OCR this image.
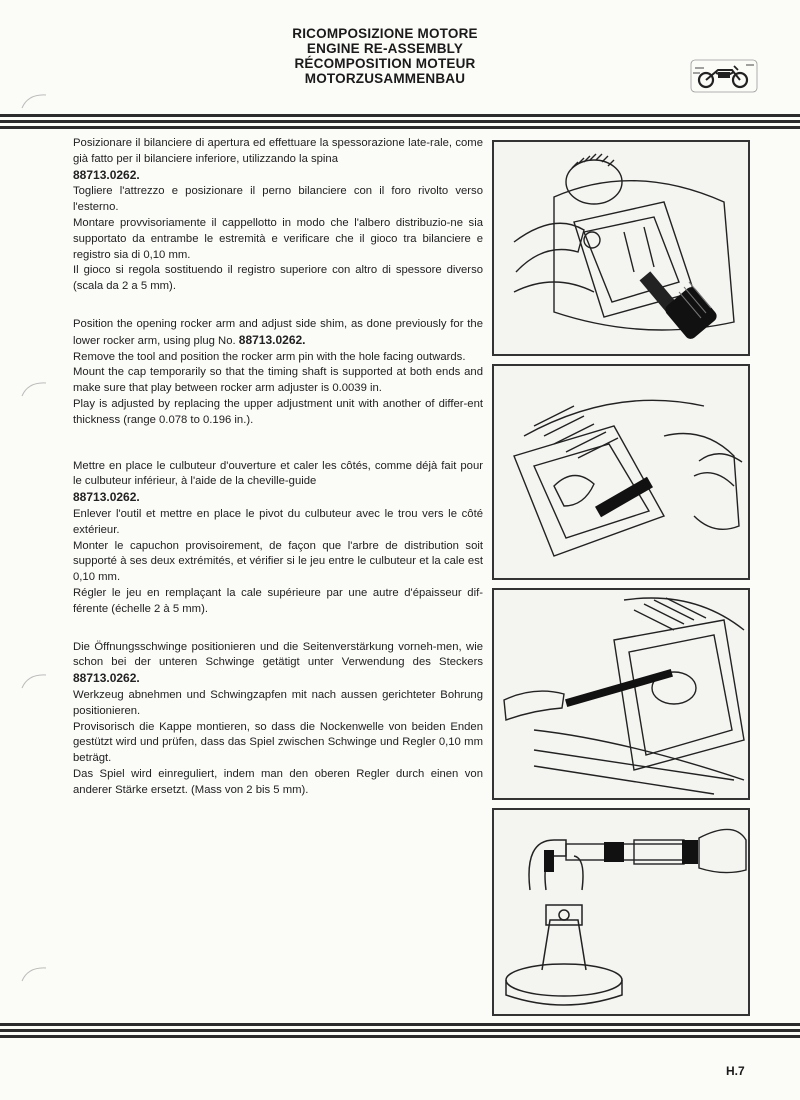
RICOMPOSIZIONE MOTORE
ENGINE RE-ASSEMBLY
RÉCOMPOSITION MOTEUR
MOTORZUSAMMENBAU

Posizionare il bilanciere di apertura ed effettuare la spessorazione late-rale, come già fatto per il bilanciere inferiore, utilizzando la spina
88713.0262.

Togliere l'attrezzo e posizionare il perno bilanciere con il foro rivolto verso l'esterno.

Montare provvisoriamente il cappellotto in modo che l'albero distribuzio-ne sia supportato da entrambe le estremità e verificare che il gioco tra bilanciere e registro sia di 0,10 mm.

Il gioco si regola sostituendo il registro superiore con altro di spessore diverso (scala da 2 a 5 mm).

Position the opening rocker arm and adjust side shim, as done previously for the lower rocker arm, using plug No. 88713.0262.

Remove the tool and position the rocker arm pin with the hole facing outwards.

Mount the cap temporarily so that the timing shaft is supported at both ends and make sure that play between rocker arm adjuster is 0.0039 in.

Play is adjusted by replacing the upper adjustment unit with another of differ-ent thickness (range 0.078 to 0.196 in.).

Mettre en place le culbuteur d'ouverture et caler les côtés, comme déjà fait pour le culbuteur inférieur, à l'aide de la cheville-guide
88713.0262.

Enlever l'outil et mettre en place le pivot du culbuteur avec le trou vers le côté extérieur.

Monter le capuchon provisoirement, de façon que l'arbre de distribution soit supporté à ses deux extrémités, et vérifier si le jeu entre le culbuteur et la cale est 0,10 mm.

Régler le jeu en remplaçant la cale supérieure par une autre d'épaisseur dif-férente (échelle 2 à 5 mm).

Die Öffnungsschwinge positionieren und die Seitenverstärkung vorneh-men, wie schon bei der unteren Schwinge getätigt unter Verwendung des Steckers 88713.0262.

Werkzeug abnehmen und Schwingzapfen mit nach aussen gerichteter Bohrung positionieren.

Provisorisch die Kappe montieren, so dass die Nockenwelle von beiden Enden gestützt wird und prüfen, dass das Spiel zwischen Schwinge und Regler 0,10 mm beträgt.

Das Spiel wird einreguliert, indem man den oberen Regler durch einen von anderer Stärke ersetzt. (Mass von 2 bis 5 mm).

H.7
